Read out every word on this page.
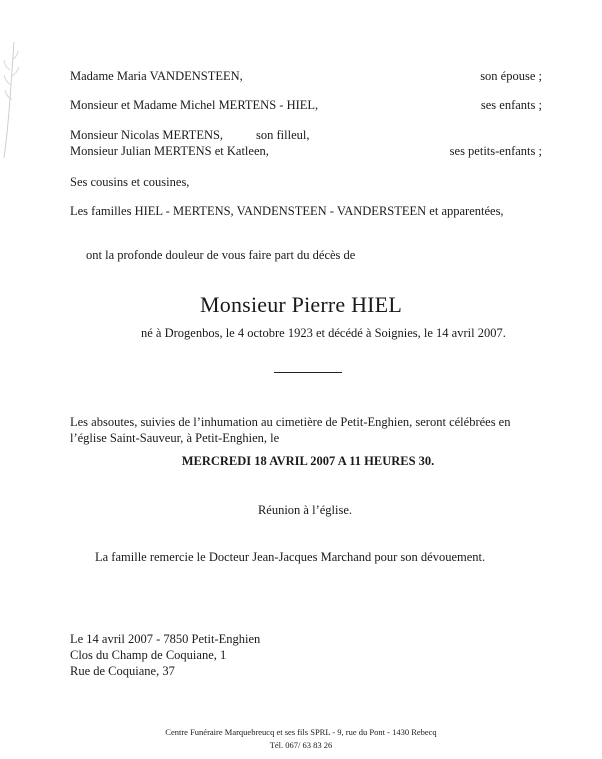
Madame Maria VANDENSTEEN,	son épouse ;
Monsieur et Madame Michel MERTENS - HIEL,	ses enfants ;
Monsieur Nicolas MERTENS,	son filleul,
Monsieur Julian MERTENS et Katleen,	ses petits-enfants ;
Ses cousins et cousines,
Les familles HIEL - MERTENS, VANDENSTEEN - VANDERSTEEN et apparentées,
ont la profonde douleur de vous faire part du décès de
Monsieur Pierre HIEL
né à Drogenbos, le 4 octobre 1923 et décédé à Soignies, le 14 avril 2007.
Les absoutes, suivies de l’inhumation au cimetière de Petit-Enghien, seront célébrées en
l’église Saint-Sauveur, à Petit-Enghien, le
MERCREDI 18 AVRIL 2007 A 11 HEURES 30.
Réunion à l’église.
La famille remercie le Docteur Jean-Jacques Marchand pour son dévouement.
Le 14 avril 2007 - 7850 Petit-Enghien
Clos du Champ de Coquiane, 1
Rue de Coquiane, 37
Centre Funéraire Marquebreucq et ses fils SPRL - 9, rue du Pont - 1430 Rebecq
Tél. 067/ 63 83 26
